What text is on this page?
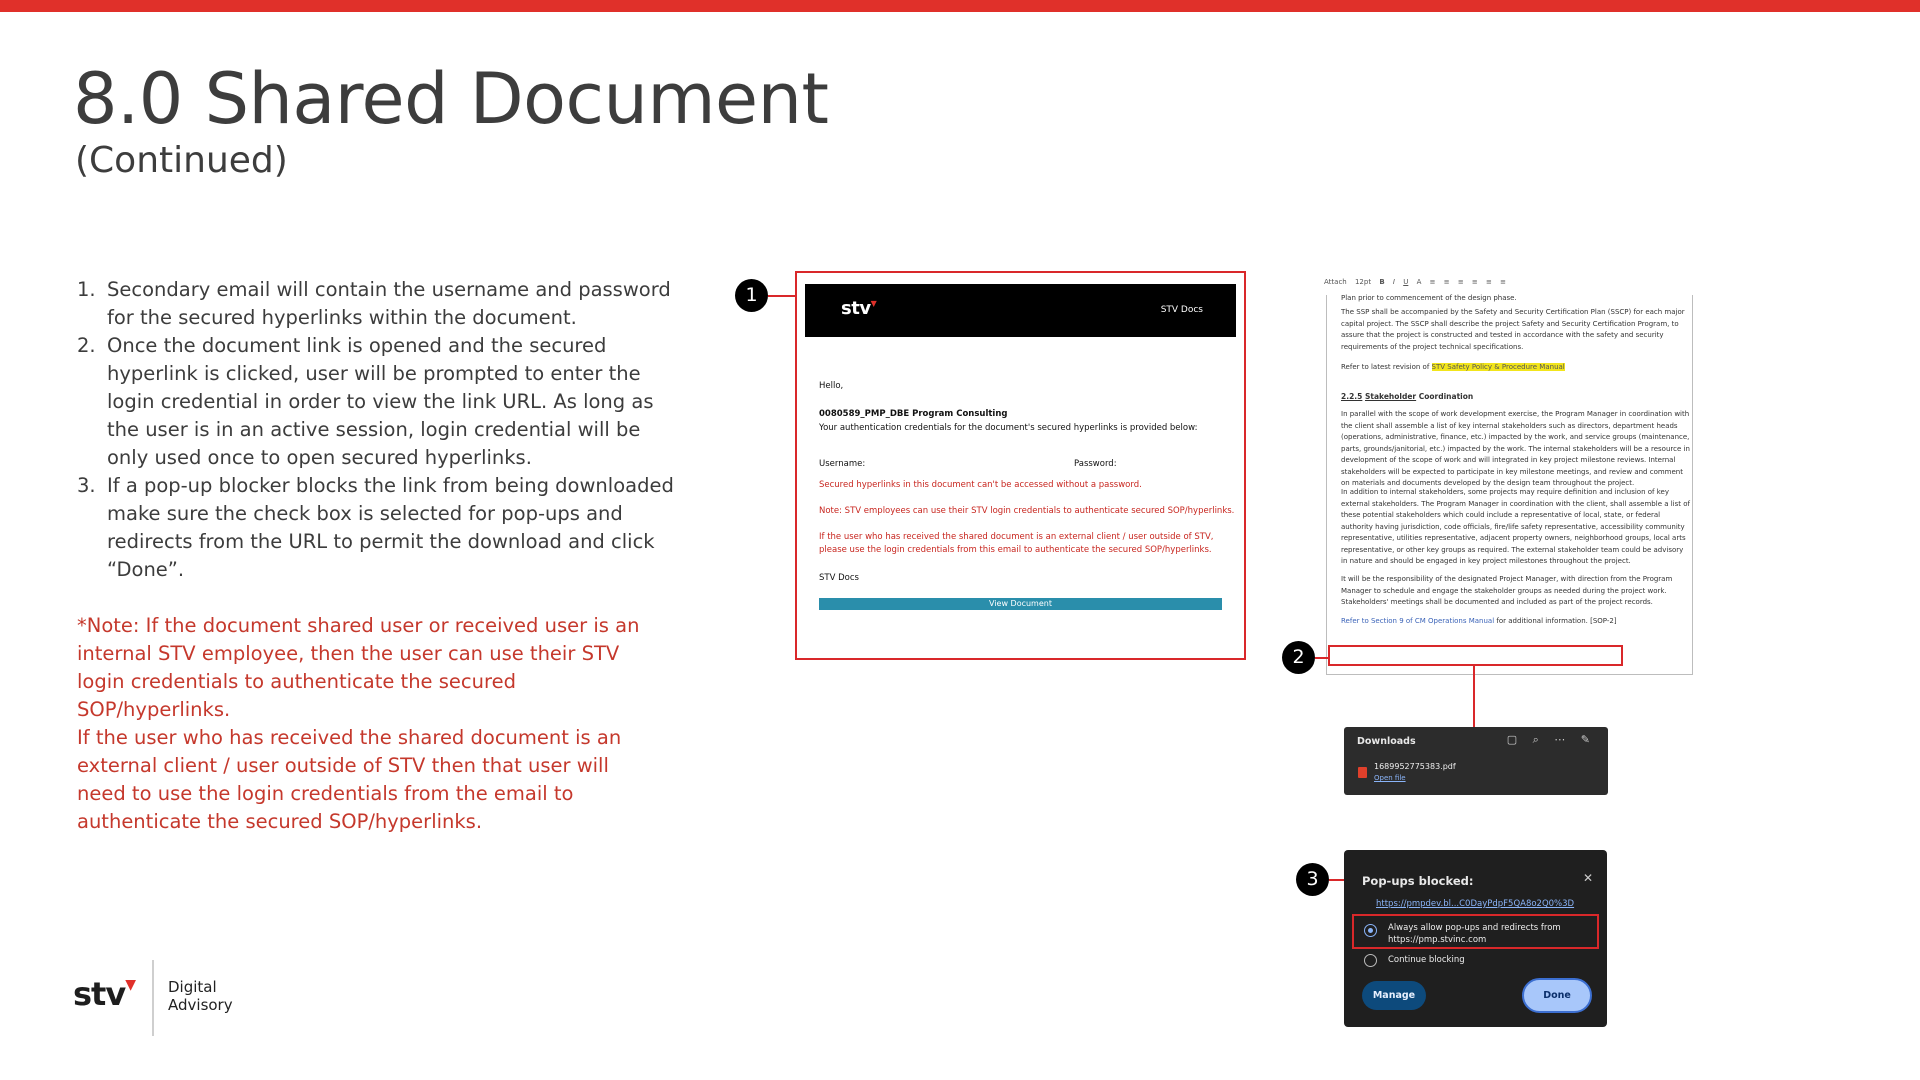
8.0 Shared Document
(Continued)
1. Secondary email will contain the username and password for the secured hyperlinks within the document.
2. Once the document link is opened and the secured hyperlink is clicked, user will be prompted to enter the login credential in order to view the link URL. As long as the user is in an active session, login credential will be only used once to open secured hyperlinks.
3. If a pop-up blocker blocks the link from being downloaded make sure the check box is selected for pop-ups and redirects from the URL to permit the download and click “Done”.

*Note: If the document shared user or received user is an internal STV employee, then the user can use their STV login credentials to authenticate the secured SOP/hyperlinks.

If the user who has received the shared document is an external client / user outside of STV then that user will need to use the login credentials from the email to authenticate the secured SOP/hyperlinks.

stv▼ Digital
Advisory
1
stv▼
STV Docs
Hello,
0080589_PMP_DBE Program Consulting
Your authentication credentials for the document's secured hyperlinks is provided below:
Username:	Password:
Secured hyperlinks in this document can't be accessed without a password.
Note: STV employees can use their STV login credentials to authenticate secured SOP/hyperlinks.
If the user who has received the shared document is an external client / user outside of STV,
please use the login credentials from this email to authenticate the secured SOP/hyperlinks.
STV Docs
View Document
Attach 12pt B I U A ≡ ≡ ≡ ≡ ≡ ≡
Plan prior to commencement of the design phase.
The SSP shall be accompanied by the Safety and Security Certification Plan (SSCP) for each major capital project. The SSCP shall describe the project Safety and Security Certification Program, to assure that the project is constructed and tested in accordance with the safety and security requirements of the project technical specifications.
Refer to latest revision of STV Safety Policy & Procedure Manual
2.2.5 Stakeholder Coordination
In parallel with the scope of work development exercise, the Program Manager in coordination with the client shall assemble a list of key internal stakeholders such as directors, department heads (operations, administrative, finance, etc.) impacted by the work, and service groups (maintenance, parts, grounds/janitorial, etc.) impacted by the work. The internal stakeholders will be a resource in development of the scope of work and will integrated in key project milestone reviews. Internal stakeholders will be expected to participate in key milestone meetings, and review and comment on materials and documents developed by the design team throughout the project.
In addition to internal stakeholders, some projects may require definition and inclusion of key external stakeholders. The Program Manager in coordination with the client, shall assemble a list of these potential stakeholders which could include a representative of local, state, or federal authority having jurisdiction, code officials, fire/life safety representative, accessibility community representative, utilities representative, adjacent property owners, neighborhood groups, local arts representative, or other key groups as required. The external stakeholder team could be advisory in nature and should be engaged in key project milestones throughout the project.
It will be the responsibility of the designated Project Manager, with direction from the Program Manager to schedule and engage the stakeholder groups as needed during the project work. Stakeholders' meetings shall be documented and included as part of the project records.
Refer to Section 9 of CM Operations Manual for additional information. [SOP-2]
2
Downloads	▢ ⌕ ⋯ ✎
1689952775383.pdf
Open file
3	Pop-ups blocked:	✕
https://pmpdev.bl...C0DayPdpF5QA8o2Q0%3D
Always allow pop-ups and redirects from https://pmp.stvinc.com
Continue blocking
Manage	Done
